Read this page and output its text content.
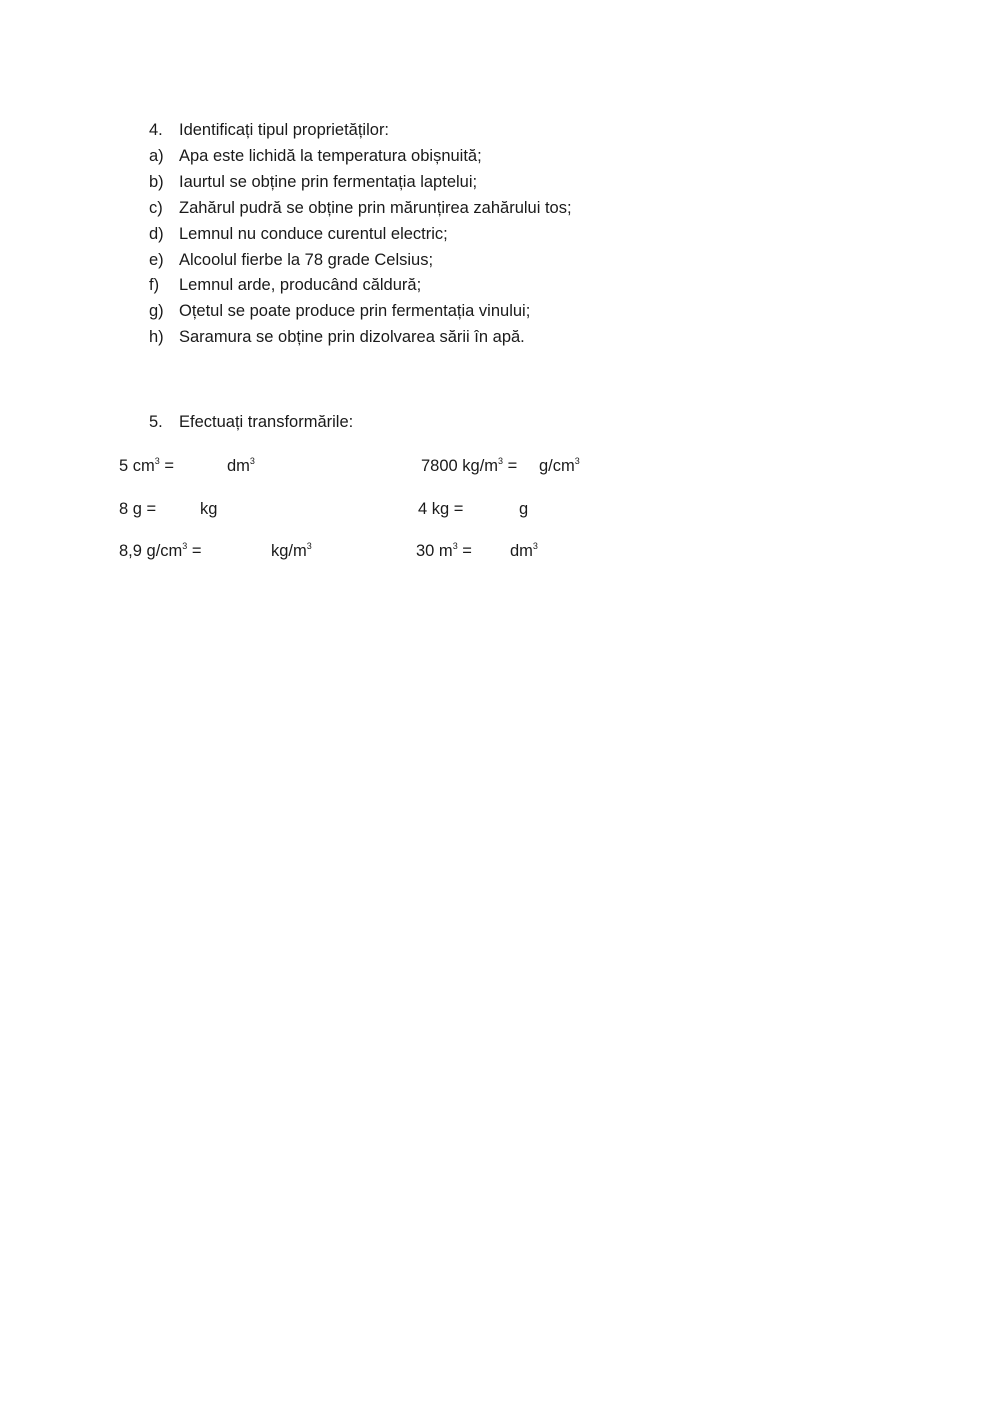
4. Identificați tipul proprietăților:
a) Apa este lichidă la temperatura obișnuită;
b) Iaurtul se obține prin fermentația laptelui;
c) Zahărul pudră se obține prin mărunțirea zahărului tos;
d) Lemnul nu conduce curentul electric;
e) Alcoolul fierbe la 78 grade Celsius;
f) Lemnul arde, producând căldură;
g) Oțetul se poate produce prin fermentația vinului;
h) Saramura se obține prin dizolvarea sării în apă.
5. Efectuați transformările:
5 $cm^3$ =	$dm^3$	7800 $kg/m^3 = g/cm^3$
8 g =	kg	4 kg =	g
8,9 $g/cm^3$ =	$kg/m^3$	30 $m^3 = dm^3$
